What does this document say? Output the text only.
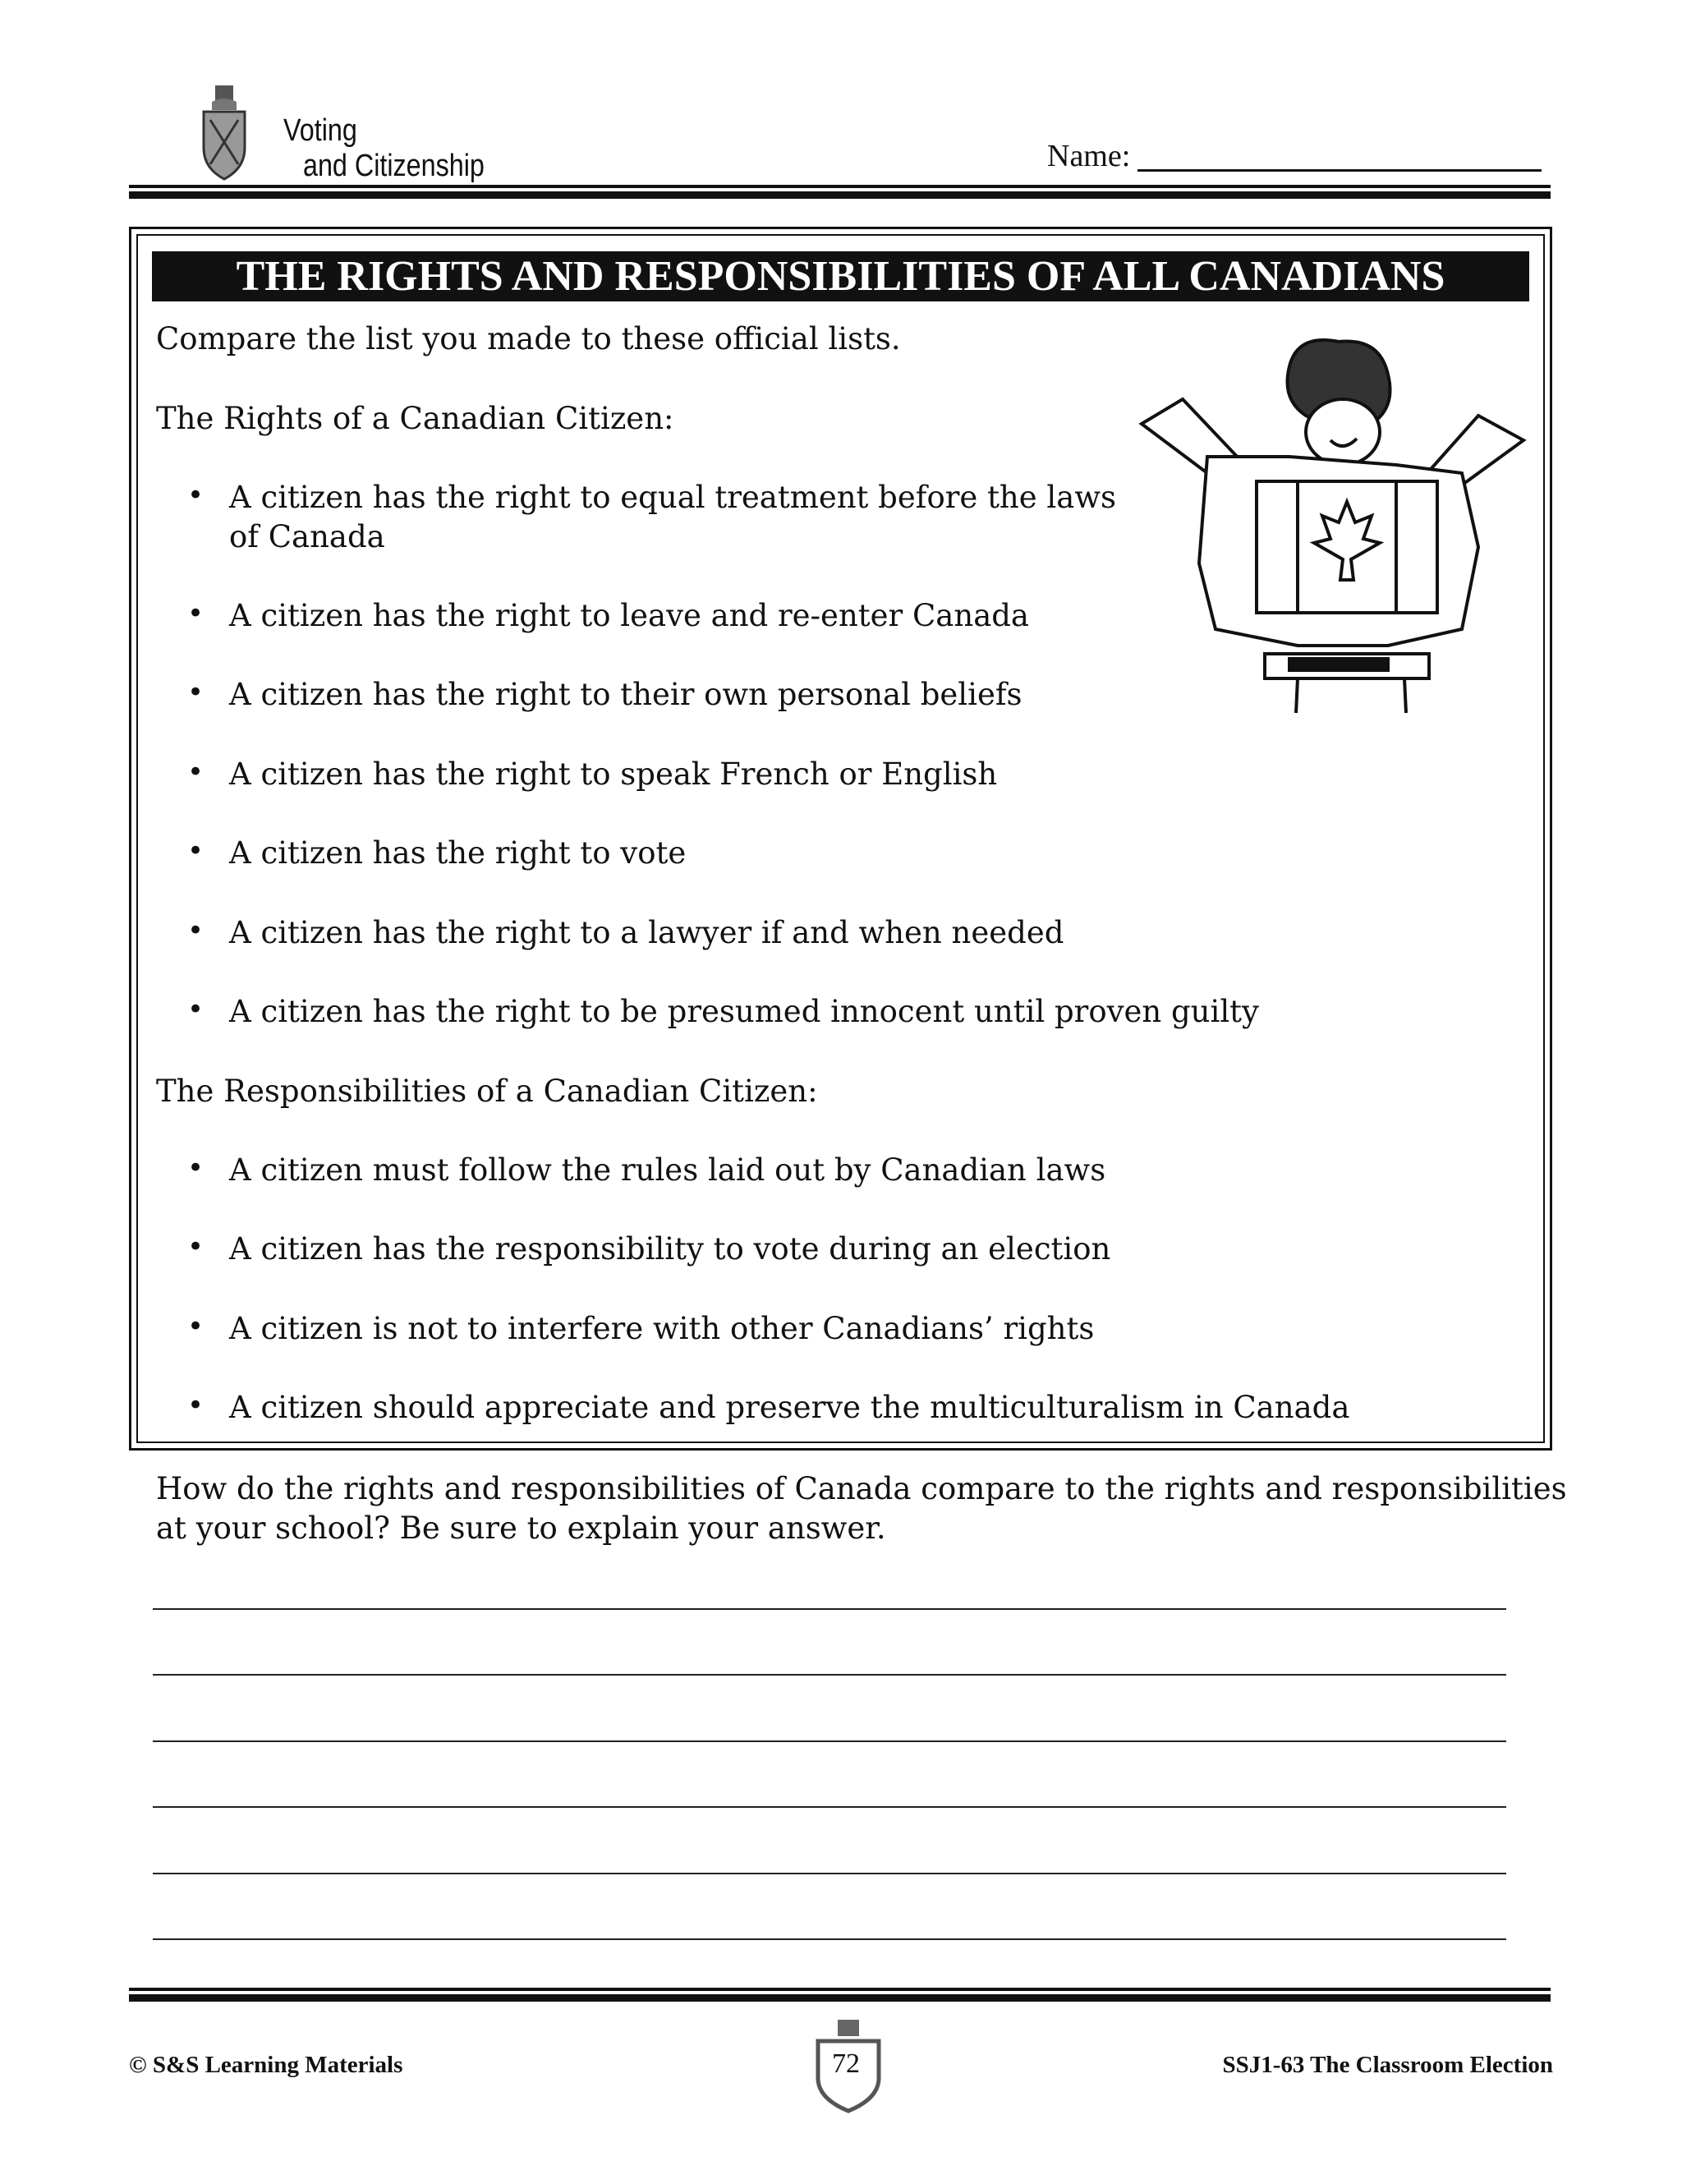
Voting
and Citizenship	Name:
THE RIGHTS AND RESPONSIBILITIES OF ALL CANADIANS
Compare the list you made to these official lists.
The Rights of a Canadian Citizen:
• A citizen has the right to equal treatment before the laws
of Canada
• A citizen has the right to leave and re-enter Canada
• A citizen has the right to their own personal beliefs
• A citizen has the right to speak French or English
• A citizen has the right to vote
• A citizen has the right to a lawyer if and when needed
• A citizen has the right to be presumed innocent until proven guilty
The Responsibilities of a Canadian Citizen:
• A citizen must follow the rules laid out by Canadian laws
• A citizen has the responsibility to vote during an election
• A citizen is not to interfere with other Canadians’ rights
• A citizen should appreciate and preserve the multiculturalism in Canada
How do the rights and responsibilities of Canada compare to the rights and responsibilities
at your school? Be sure to explain your answer.
© S&S Learning Materials	72	SSJ1-63 The Classroom Election
